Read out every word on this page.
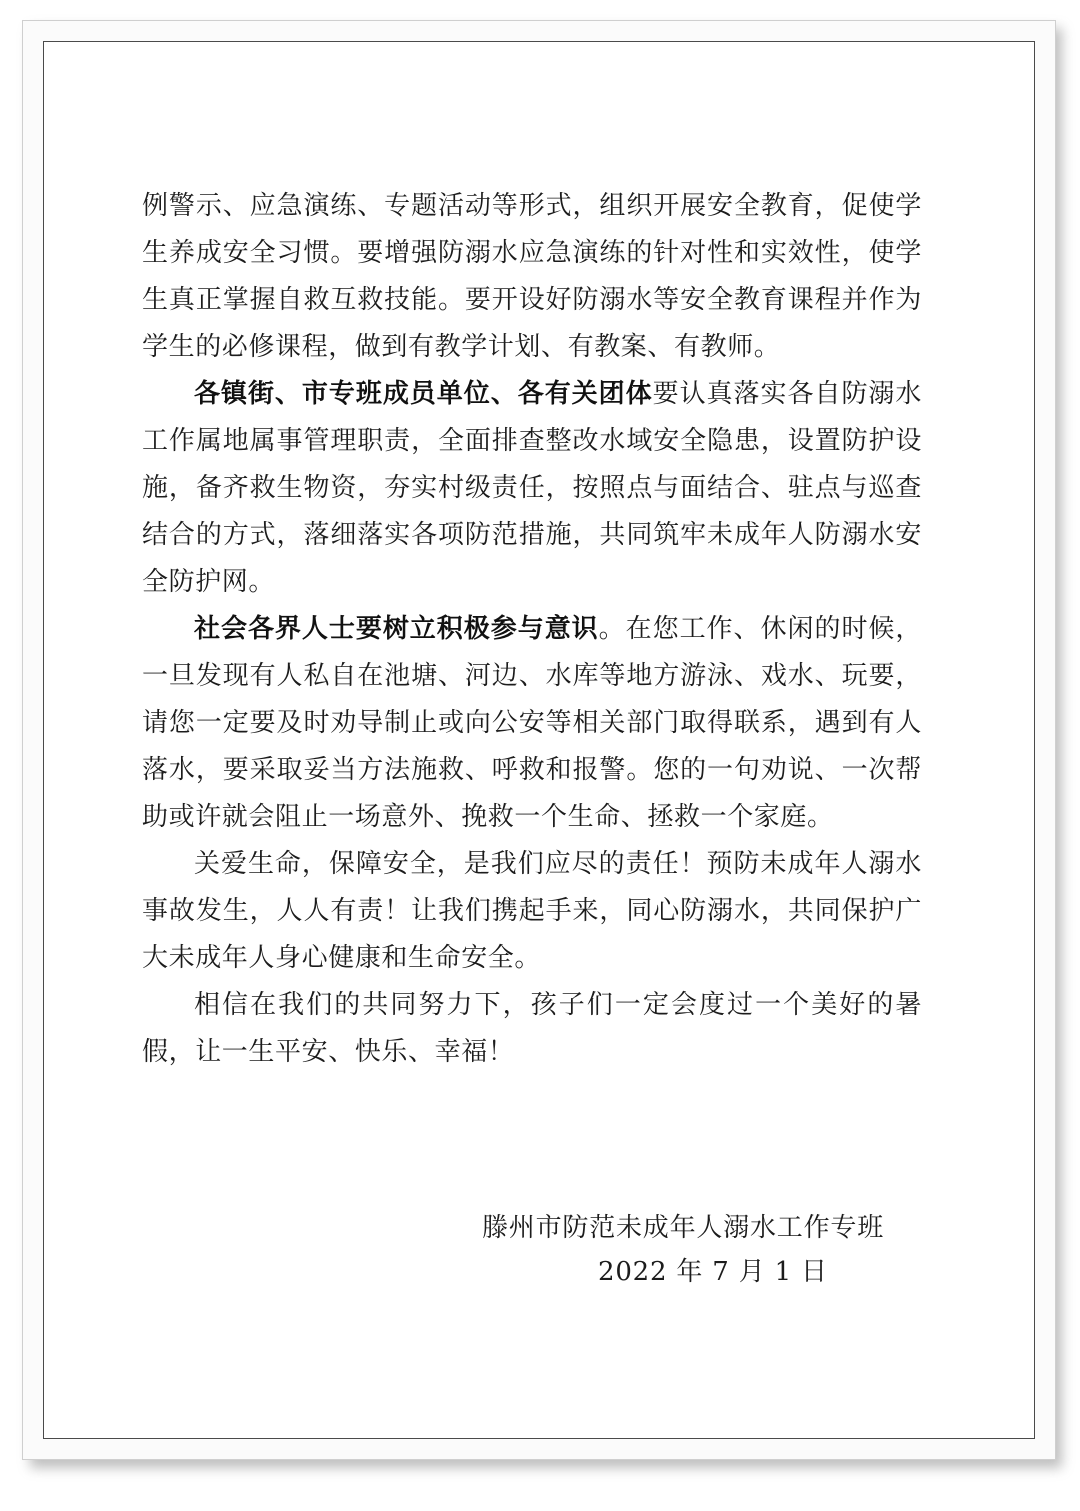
例警示、应急演练、专题活动等形式，组织开展安全教育，促使学生养成安全习惯。要增强防溺水应急演练的针对性和实效性，使学生真正掌握自救互救技能。要开设好防溺水等安全教育课程并作为学生的必修课程，做到有教学计划、有教案、有教师。

各镇街、市专班成员单位、各有关团体要认真落实各自防溺水工作属地属事管理职责，全面排查整改水域安全隐患，设置防护设施，备齐救生物资，夯实村级责任，按照点与面结合、驻点与巡查结合的方式，落细落实各项防范措施，共同筑牢未成年人防溺水安全防护网。

社会各界人士要树立积极参与意识。在您工作、休闲的时候，一旦发现有人私自在池塘、河边、水库等地方游泳、戏水、玩要，请您一定要及时劝导制止或向公安等相关部门取得联系，遇到有人落水，要采取妥当方法施救、呼救和报警。您的一句劝说、一次帮助或许就会阻止一场意外、挽救一个生命、拯救一个家庭。

关爱生命，保障安全，是我们应尽的责任！预防未成年人溺水事故发生，人人有责！让我们携起手来，同心防溺水，共同保护广大未成年人身心健康和生命安全。

相信在我们的共同努力下，孩子们一定会度过一个美好的暑假，让一生平安、快乐、幸福！

滕州市防范未成年人溺水工作专班

2022 年 7 月 1 日
